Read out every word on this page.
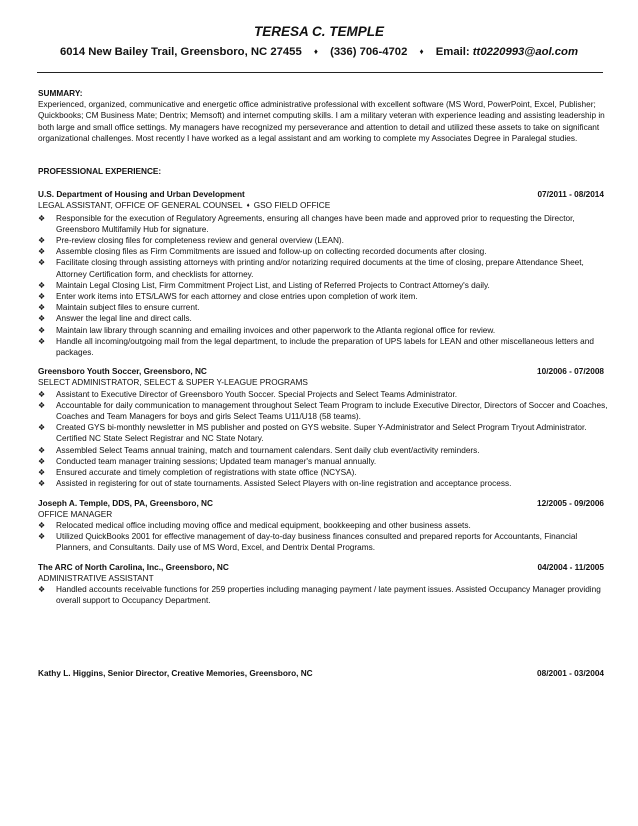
TERESA C. TEMPLE
6014 New Bailey Trail, Greensboro, NC 27455 ♦ (336) 706-4702 ♦ Email: tt0220993@aol.com
SUMMARY:

Experienced, organized, communicative and energetic office administrative professional with excellent software (MS Word, PowerPoint, Excel, Publisher; Quickbooks; CM Business Mate; Dentrix; Memsoft) and internet computing skills. I am a military veteran with experience leading and assisting leadership in both large and small office settings. My managers have recognized my perseverance and attention to detail and utilized these assets to take on significant organizational challenges. Most recently I have worked as a legal assistant and am working to complete my Associates Degree in Paralegal studies.

PROFESSIONAL EXPERIENCE:
U.S. Department of Housing and Urban Development	07/2011 - 08/2014
LEGAL ASSISTANT, OFFICE OF GENERAL COUNSEL ♦ GSO FIELD OFFICE
❖ Responsible for the execution of Regulatory Agreements, ensuring all changes have been made and approved prior to requesting the Director, Greensboro Multifamily Hub for signature.
❖ Pre-review closing files for completeness review and general overview (LEAN).
❖ Assemble closing files as Firm Commitments are issued and follow-up on collecting recorded documents after closing.
❖ Facilitate closing through assisting attorneys with printing and/or notarizing required documents at the time of closing, prepare Attendance Sheet, Attorney Certification form, and checklists for attorney.
❖ Maintain Legal Closing List, Firm Commitment Project List, and Listing of Referred Projects to Contract Attorney's daily.
❖ Enter work items into ETS/LAWS for each attorney and close entries upon completion of work item.
❖ Maintain subject files to ensure current.
❖ Answer the legal line and direct calls.
❖ Maintain law library through scanning and emailing invoices and other paperwork to the Atlanta regional office for review.
❖ Handle all incoming/outgoing mail from the legal department, to include the preparation of UPS labels for LEAN and other miscellaneous letters and packages.
Greensboro Youth Soccer, Greensboro, NC	10/2006 - 07/2008
SELECT ADMINISTRATOR, SELECT & SUPER Y-LEAGUE PROGRAMS
❖ Assistant to Executive Director of Greensboro Youth Soccer. Special Projects and Select Teams Administrator.
❖ Accountable for daily communication to management throughout Select Team Program to include Executive Director, Directors of Soccer and Coaches, Coaches and Team Managers for boys and girls Select Teams U11/U18 (58 teams).
❖ Created GYS bi-monthly newsletter in MS publisher and posted on GYS website. Super Y-Administrator and Select Program Tryout Administrator. Certified NC State Select Registrar and NC State Notary.
❖ Assembled Select Teams annual training, match and tournament calendars. Sent daily club event/activity reminders.
❖ Conducted team manager training sessions; Updated team manager's manual annually.
❖ Ensured accurate and timely completion of registrations with state office (NCYSA).
❖ Assisted in registering for out of state tournaments. Assisted Select Players with on-line registration and acceptance process.
Joseph A. Temple, DDS, PA, Greensboro, NC	12/2005 - 09/2006
OFFICE MANAGER
❖ Relocated medical office including moving office and medical equipment, bookkeeping and other business assets.
❖ Utilized QuickBooks 2001 for effective management of day-to-day business finances consulted and prepared reports for Accountants, Financial Planners, and Consultants. Daily use of MS Word, Excel, and Dentrix Dental Programs.
The ARC of North Carolina, Inc., Greensboro, NC	04/2004 - 11/2005
ADMINISTRATIVE ASSISTANT
❖ Handled accounts receivable functions for 259 properties including managing payment / late payment issues. Assisted Occupancy Manager providing overall support to Occupancy Department.
Kathy L. Higgins, Senior Director, Creative Memories, Greensboro, NC	08/2001 - 03/2004
